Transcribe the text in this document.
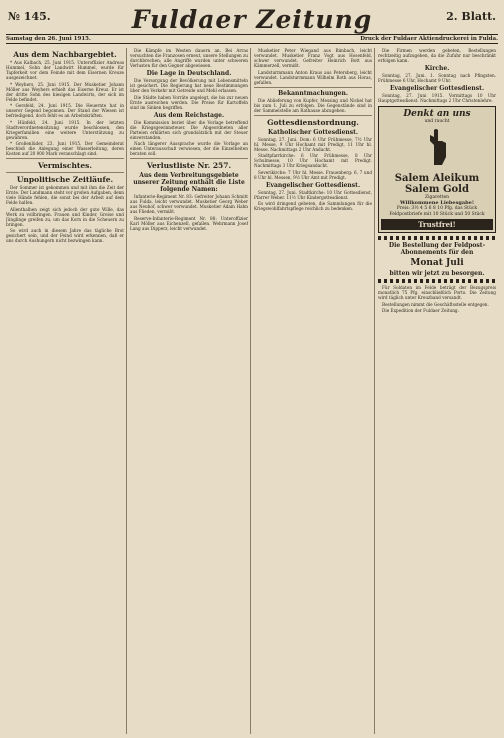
№ 145.	Fuldaer Zeitung	2. Blatt.
Samstag den 26. Juni 1915.	Druck der Fuldaer Aktiendruckerei in Fulda.
Aus dem Nachbargebiet.

* Aus Kalbach, 25. Juni 1915. Unteroffizier Andreas Hummel, Sohn der Landwirt Hummel, wurde für Tapferkeit vor dem Feinde mit dem Eisernen Kreuze ausgezeichnet.

* Weyhers, 25. Juni 1915. Der Musketier Johann Möller aus Weyhers erhielt das Eiserne Kreuz. Er ist der dritte Sohn des hiesigen Landwirts, der sich im Felde befindet.

* Gersfeld, 24. Juni 1915. Die Heuernte hat in unserer Gegend begonnen. Der Stand der Wiesen ist befriedigend, doch fehlt es an Arbeitskräften.

* Hünfeld, 24. Juni 1915. In der letzten Stadtverordnetensitzung wurde beschlossen, den Kriegerfamilien eine weitere Unterstützung zu gewähren.

* Großenlüder, 23. Juni 1915. Der Gemeinderat beschloß die Anlegung einer Wasserleitung, deren Kosten auf 20 000 Mark veranschlagt sind.

Vermischtes.
Unpolitische Zeitläufe.

Der Sommer ist gekommen und mit ihm die Zeit der Ernte. Der Landmann steht vor großen Aufgaben, denn viele Hände fehlen, die sonst bei der Arbeit auf dem Felde halfen.

Allenthalben zeigt sich jedoch der gute Wille, das Werk zu vollbringen. Frauen und Kinder, Greise und Jünglinge greifen zu, um das Korn in die Scheuern zu bringen.

So wird auch in diesem Jahre das tägliche Brot gesichert sein, und der Feind wird erkennen, daß er uns durch Aushungern nicht bezwingen kann.

Die Kämpfe im Westen dauern an. Bei Arras versuchten die Franzosen erneut, unsere Stellungen zu durchbrechen; alle Angriffe wurden unter schweren Verlusten für den Gegner abgewiesen.

Die Lage in Deutschland.

Die Versorgung der Bevölkerung mit Lebensmitteln ist gesichert. Die Regierung hat neue Bestimmungen über den Verkehr mit Getreide und Mehl erlassen.

Die Städte haben Vorräte angelegt, die bis zur neuen Ernte ausreichen werden. Die Preise für Kartoffeln sind im Sinken begriffen.

Aus dem Reichstage.

Die Kommission beriet über die Vorlage betreffend die Kriegsgewinnsteuer. Die Abgeordneten aller Parteien erklärten sich grundsätzlich mit der Steuer einverstanden.

Nach längerer Aussprache wurde die Vorlage an einen Unterausschuß verwiesen, der die Einzelheiten beraten soll.

Verlustliste Nr. 257.
Aus dem Verbreitungsgebiete unserer Zeitung enthält die Liste folgende Namen:

Infanterie-Regiment Nr. 83: Gefreiter Johann Schmitt aus Fulda, leicht verwundet. Musketier Georg Weber aus Neuhof, schwer verwundet. Musketier Adam Hahn aus Flieden, vermißt.

Reserve-Infanterie-Regiment Nr. 88: Unteroffizier Karl Möller aus Eichenzell, gefallen. Wehrmann Josef Lang aus Dipperz, leicht verwundet.

Musketier Peter Wiegand aus Bimbach, leicht verwundet. Musketier Franz Vogt aus Hosenfeld, schwer verwundet. Gefreiter Heinrich Bott aus Kämmerzell, vermißt.

Landsturmmann Anton Kraus aus Petersberg, leicht verwundet. Landsturmmann Wilhelm Roth aus Horas, gefallen.

Bekanntmachungen.

Die Ablieferung von Kupfer, Messing und Nickel hat bis zum 1. Juli zu erfolgen. Die Gegenstände sind in der Sammelstelle am Rathause abzugeben.

Gottesdienstordnung.
Katholischer Gottesdienst.

Sonntag, 27. Juni. Dom: 6 Uhr Frühmesse, 7½ Uhr hl. Messe, 9 Uhr Hochamt mit Predigt, 11 Uhr hl. Messe. Nachmittags 2 Uhr Andacht.

Stadtpfarrkirche: 6 Uhr Frühmesse, 8 Uhr Schulmesse, 10 Uhr Hochamt mit Predigt. Nachmittags 3 Uhr Kriegsandacht.

Severikirche: 7 Uhr hl. Messe. Frauenberg: 6, 7 und 8 Uhr hl. Messen, 9½ Uhr Amt mit Predigt.

Evangelischer Gottesdienst.

Sonntag, 27. Juni. Stadtkirche: 10 Uhr Gottesdienst, Pfarrer Weber. 11½ Uhr Kindergottesdienst.

Es wird dringend gebeten, die Sammlungen für die Kriegswohlfahrtspflege reichlich zu bedenken.

Die Firmen werden gebeten, Bestellungen rechtzeitig aufzugeben, da die Zufuhr nur beschränkt erfolgen kann.

Kirche.

Sonntag, 27. Juni. 1. Sonntag nach Pfingsten. Frühmesse 6 Uhr, Hochamt 9 Uhr.

Evangelischer Gottesdienst.

Sonntag, 27. Juni 1915. Vormittags 10 Uhr Hauptgottesdienst. Nachmittags 2 Uhr Christenlehre.

Denkt an uns
und raucht
Salem Aleikum
Salem Gold
Zigaretten
Willkommene Liebesgabe!
Preis: 3½ 4 5 6 8 10 Pfg. das Stück
Feldpostbriefe mit 10 Stück und 50 Stück
Trustfrei!
Die Bestellung der Feldpost-Abonnements für den
Monat Juli
bitten wir jetzt zu besorgen.

Für Soldaten im Felde beträgt der Bezugspreis monatlich 75 Pfg. einschließlich Porto. Die Zeitung wird täglich unter Kreuzband versandt.

Bestellungen nimmt die Geschäftsstelle entgegen.

Die Expedition der Fuldaer Zeitung.
